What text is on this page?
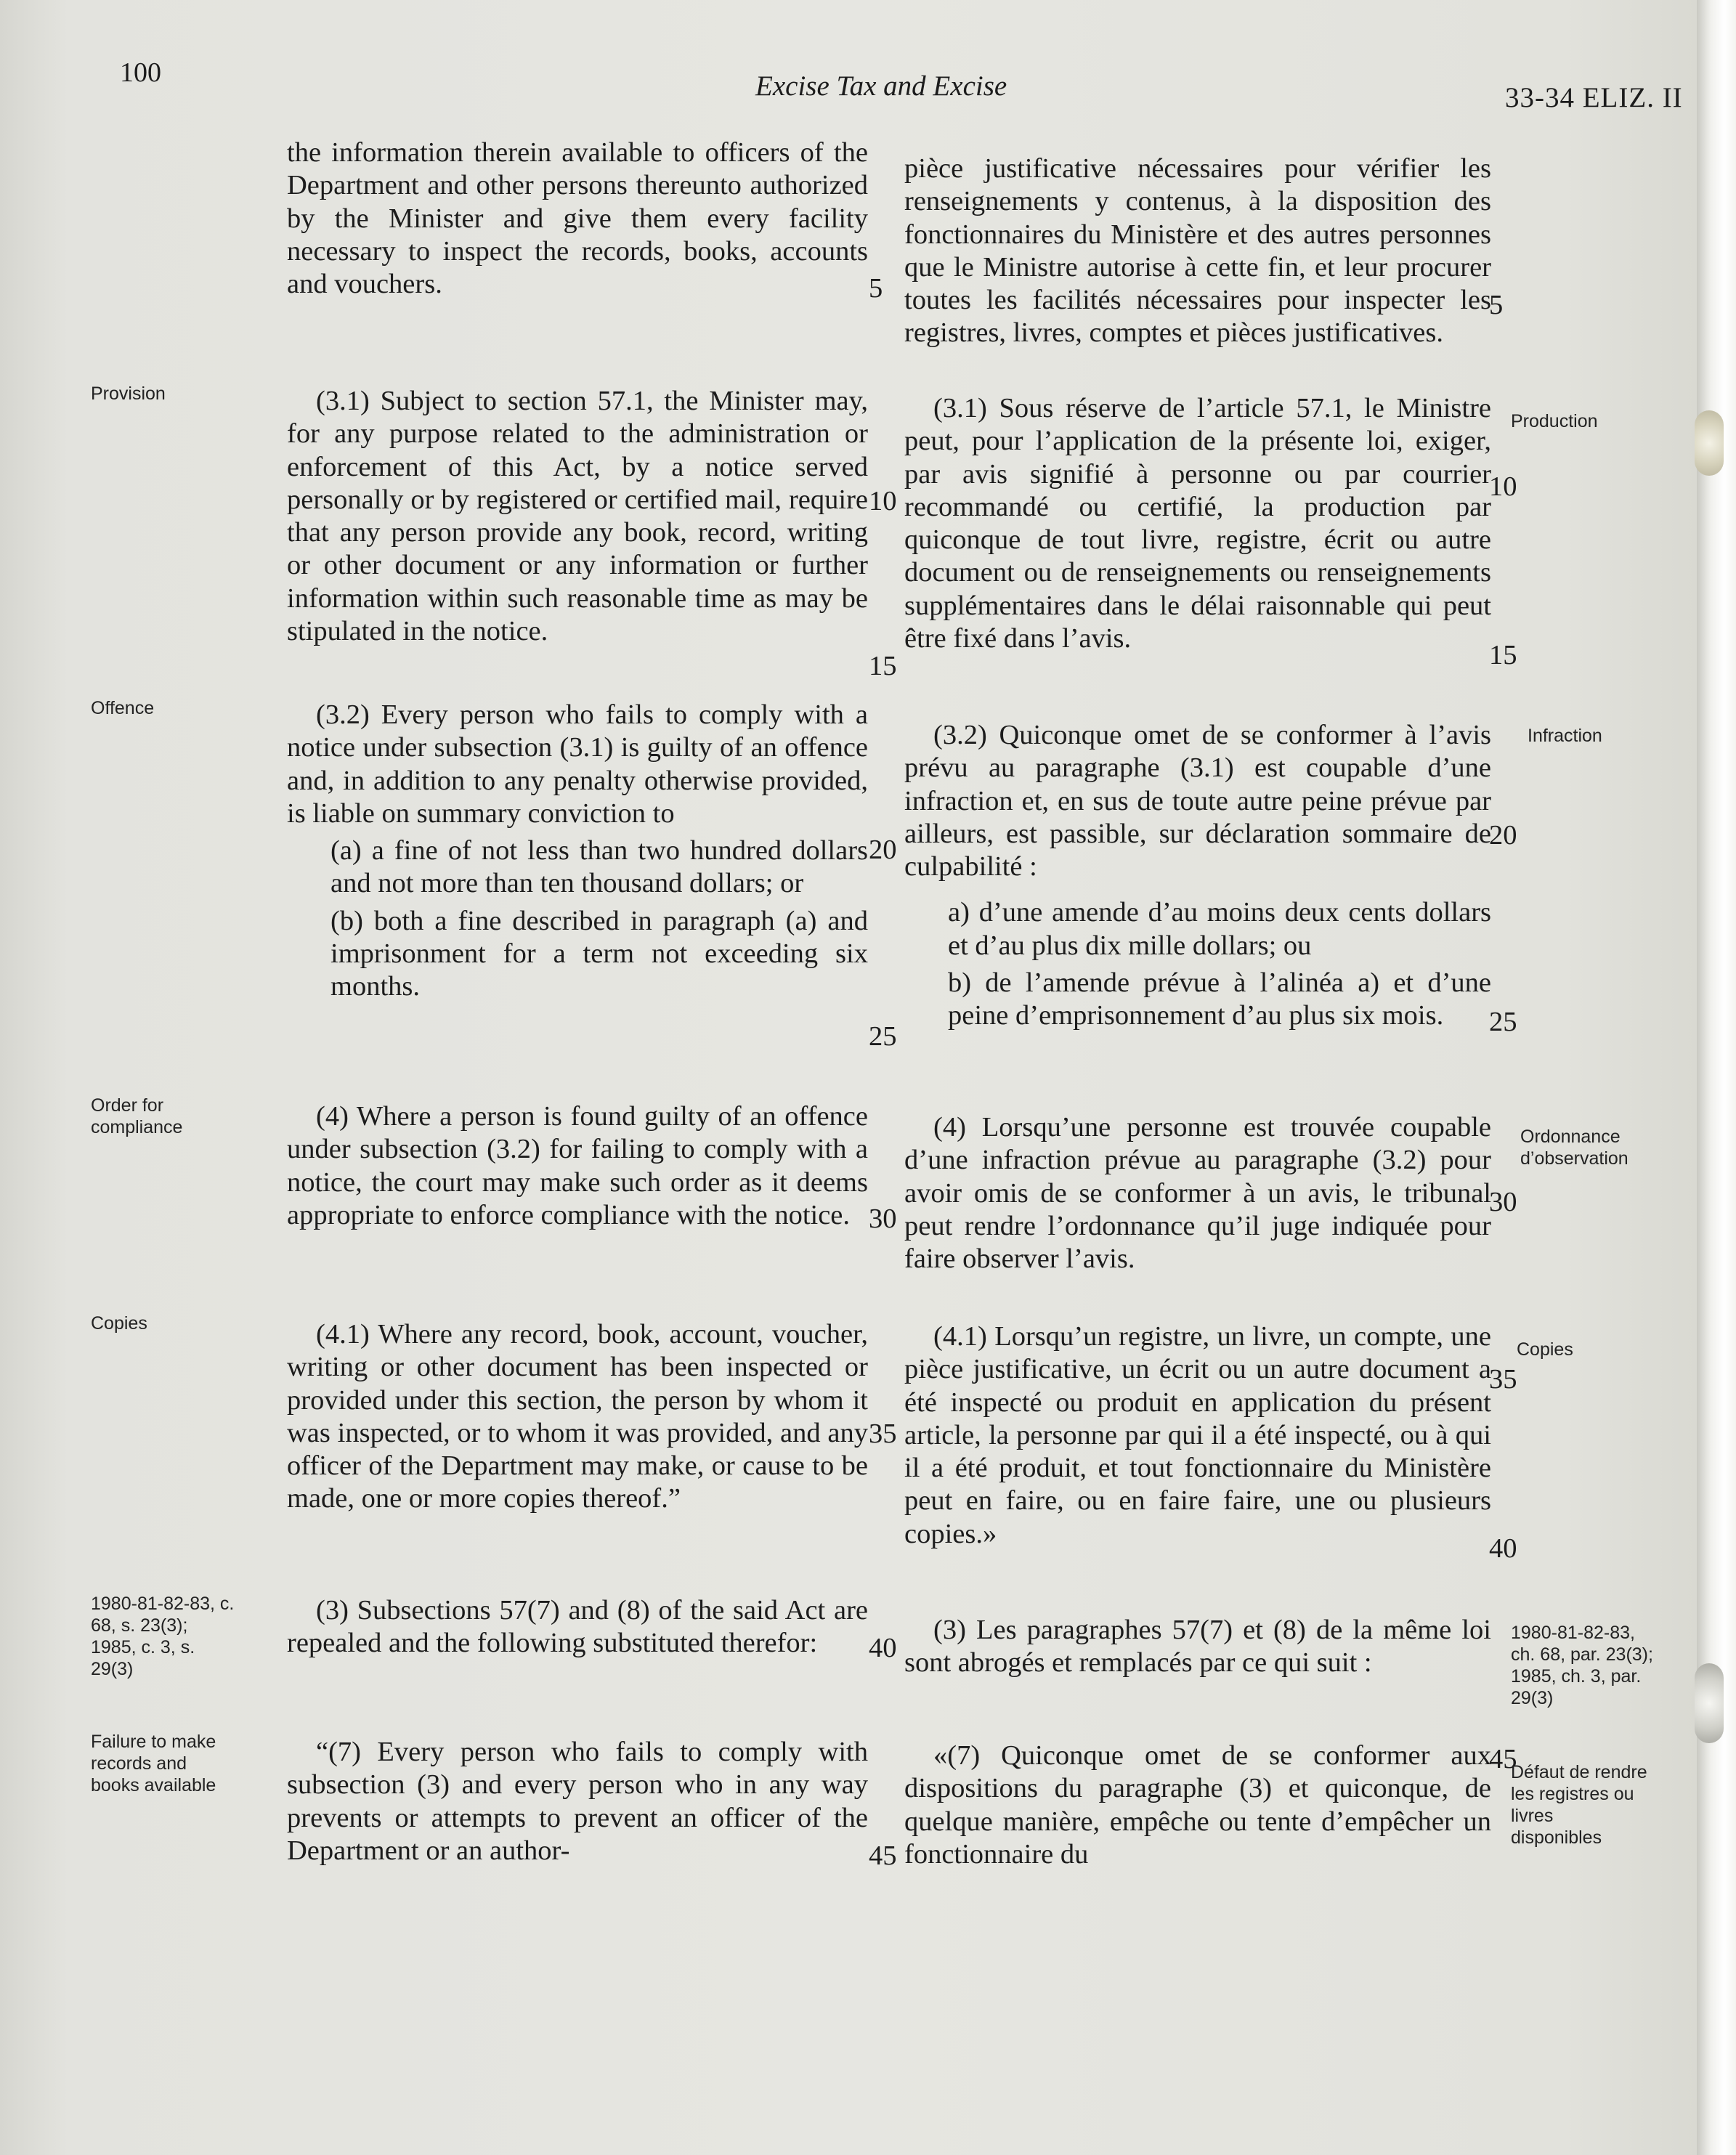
100	Excise Tax and Excise	33-34 ELIZ. II
the information therein available to officers of the Department and other persons thereunto authorized by the Minister and give them every facility necessary to inspect the records, books, accounts and vouchers.
(3.1) Subject to section 57.1, the Minister may, for any purpose related to the administration or enforcement of this Act, by a notice served personally or by registered or certified mail, require that any person provide any book, record, writing or other document or any information or further information within such reasonable time as may be stipulated in the notice.
(3.2) Every person who fails to comply with a notice under subsection (3.1) is guilty of an offence and, in addition to any penalty otherwise provided, is liable on summary conviction to
(a) a fine of not less than two hundred dollars and not more than ten thousand dollars; or
(b) both a fine described in paragraph (a) and imprisonment for a term not exceeding six months.
(4) Where a person is found guilty of an offence under subsection (3.2) for failing to comply with a notice, the court may make such order as it deems appropriate to enforce compliance with the notice.
(4.1) Where any record, book, account, voucher, writing or other document has been inspected or provided under this section, the person by whom it was inspected, or to whom it was provided, and any officer of the Department may make, or cause to be made, one or more copies thereof.”
(3) Subsections 57(7) and (8) of the said Act are repealed and the following substituted therefor:
“(7) Every person who fails to comply with subsection (3) and every person who in any way prevents or attempts to prevent an officer of the Department or an author-
5
10
15
20
25
30
35
40
45
pièce justificative nécessaires pour vérifier les renseignements y contenus, à la disposition des fonctionnaires du Ministère et des autres personnes que le Ministre autorise à cette fin, et leur procurer toutes les facilités nécessaires pour inspecter les registres, livres, comptes et pièces justificatives.
(3.1) Sous réserve de l’article 57.1, le Ministre peut, pour l’application de la présente loi, exiger, par avis signifié à personne ou par courrier recommandé ou certifié, la production par quiconque de tout livre, registre, écrit ou autre document ou de renseignements ou renseignements supplémentaires dans le délai raisonnable qui peut être fixé dans l’avis.
(3.2) Quiconque omet de se conformer à l’avis prévu au paragraphe (3.1) est coupable d’une infraction et, en sus de toute autre peine prévue par ailleurs, est passible, sur déclaration sommaire de culpabilité :
a) d’une amende d’au moins deux cents dollars et d’au plus dix mille dollars; ou
b) de l’amende prévue à l’alinéa a) et d’une peine d’emprisonnement d’au plus six mois.
(4) Lorsqu’une personne est trouvée coupable d’une infraction prévue au paragraphe (3.2) pour avoir omis de se conformer à un avis, le tribunal peut rendre l’ordonnance qu’il juge indiquée pour faire observer l’avis.
(4.1) Lorsqu’un registre, un livre, un compte, une pièce justificative, un écrit ou un autre document a été inspecté ou produit en application du présent article, la personne par qui il a été inspecté, ou à qui il a été produit, et tout fonctionnaire du Ministère peut en faire, ou en faire faire, une ou plusieurs copies.»
(3) Les paragraphes 57(7) et (8) de la même loi sont abrogés et remplacés par ce qui suit :
«(7) Quiconque omet de se conformer aux dispositions du paragraphe (3) et quiconque, de quelque manière, empêche ou tente d’empêcher un fonctionnaire du
5
10
15
20
25
30
35
40
45
Provision
Offence
Order for compliance
Copies
1980-81-82-83, c. 68, s. 23(3); 1985, c. 3, s. 29(3)
Failure to make records and books available
Production
Infraction
Ordonnance d’observation
Copies
1980-81-82-83, ch. 68, par. 23(3); 1985, ch. 3, par. 29(3)
Défaut de rendre les registres ou livres disponibles
